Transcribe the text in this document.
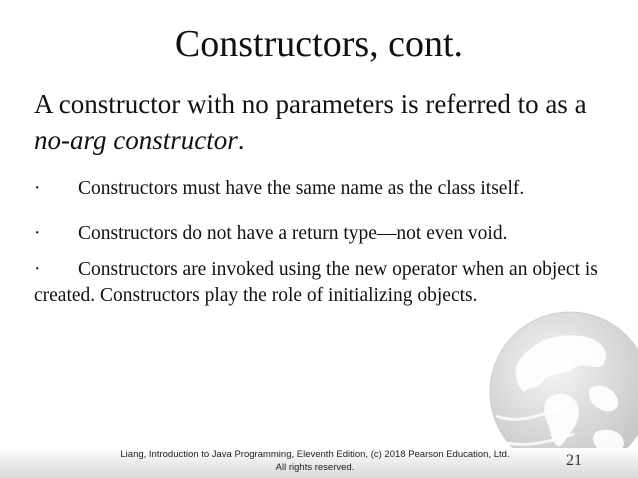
Constructors, cont.
A constructor with no parameters is referred to as a
no-arg constructor.
· Constructors must have the same name as the class itself.
· Constructors do not have a return type—not even void.
· Constructors are invoked using the new operator when an object is created. Constructors play the role of initializing objects.
Liang, Introduction to Java Programming, Eleventh Edition, (c) 2018 Pearson Education, Ltd.
All rights reserved.	21
